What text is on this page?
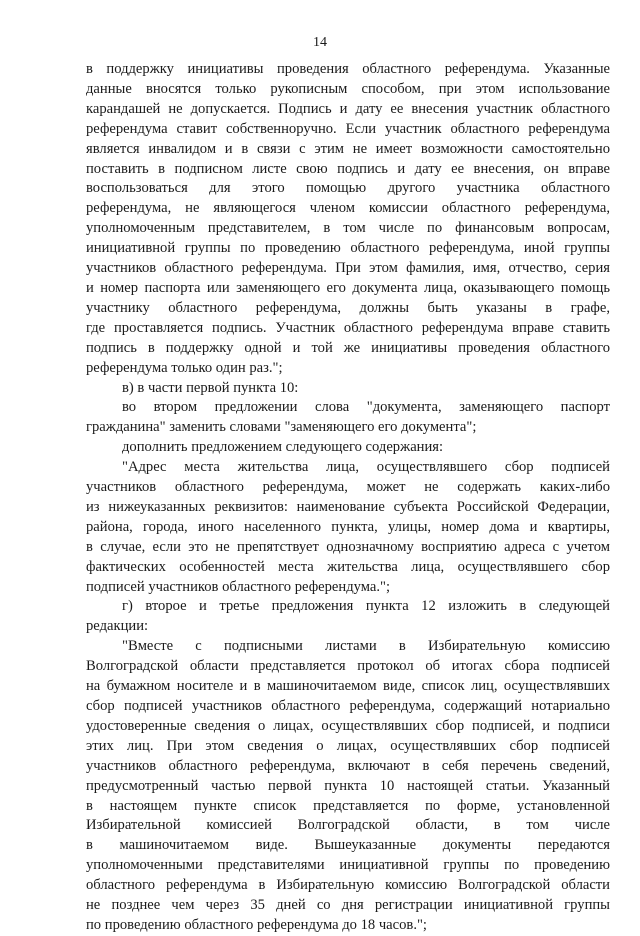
14
в поддержку инициативы проведения областного референдума. Указанные
данные вносятся только рукописным способом, при этом использование
карандашей не допускается. Подпись и дату ее внесения участник областного
референдума ставит собственноручно. Если участник областного референдума
является инвалидом и в связи с этим не имеет возможности самостоятельно
поставить в подписном листе свою подпись и дату ее внесения, он вправе
воспользоваться для этого помощью другого участника областного
референдума, не являющегося членом комиссии областного референдума,
уполномоченным представителем, в том числе по финансовым вопросам,
инициативной группы по проведению областного референдума, иной группы
участников областного референдума. При этом фамилия, имя, отчество, серия
и номер паспорта или заменяющего его документа лица, оказывающего помощь
участнику областного референдума, должны быть указаны в графе,
где проставляется подпись. Участник областного референдума вправе ставить
подпись в поддержку одной и той же инициативы проведения областного
референдума только один раз.";
в) в части первой пункта 10:
во втором предложении слова "документа, заменяющего паспорт
гражданина" заменить словами "заменяющего его документа";
дополнить предложением следующего содержания:
"Адрес места жительства лица, осуществлявшего сбор подписей
участников областного референдума, может не содержать каких-либо
из нижеуказанных реквизитов: наименование субъекта Российской Федерации,
района, города, иного населенного пункта, улицы, номер дома и квартиры,
в случае, если это не препятствует однозначному восприятию адреса с учетом
фактических особенностей места жительства лица, осуществлявшего сбор
подписей участников областного референдума.";
г) второе и третье предложения пункта 12 изложить в следующей
редакции:
"Вместе с подписными листами в Избирательную комиссию
Волгоградской области представляется протокол об итогах сбора подписей
на бумажном носителе и в машиночитаемом виде, список лиц, осуществлявших
сбор подписей участников областного референдума, содержащий нотариально
удостоверенные сведения о лицах, осуществлявших сбор подписей, и подписи
этих лиц. При этом сведения о лицах, осуществлявших сбор подписей
участников областного референдума, включают в себя перечень сведений,
предусмотренный частью первой пункта 10 настоящей статьи. Указанный
в настоящем пункте список представляется по форме, установленной
Избирательной комиссией Волгоградской области, в том числе
в машиночитаемом виде. Вышеуказанные документы передаются
уполномоченными представителями инициативной группы по проведению
областного референдума в Избирательную комиссию Волгоградской области
не позднее чем через 35 дней со дня регистрации инициативной группы
по проведению областного референдума до 18 часов.";
